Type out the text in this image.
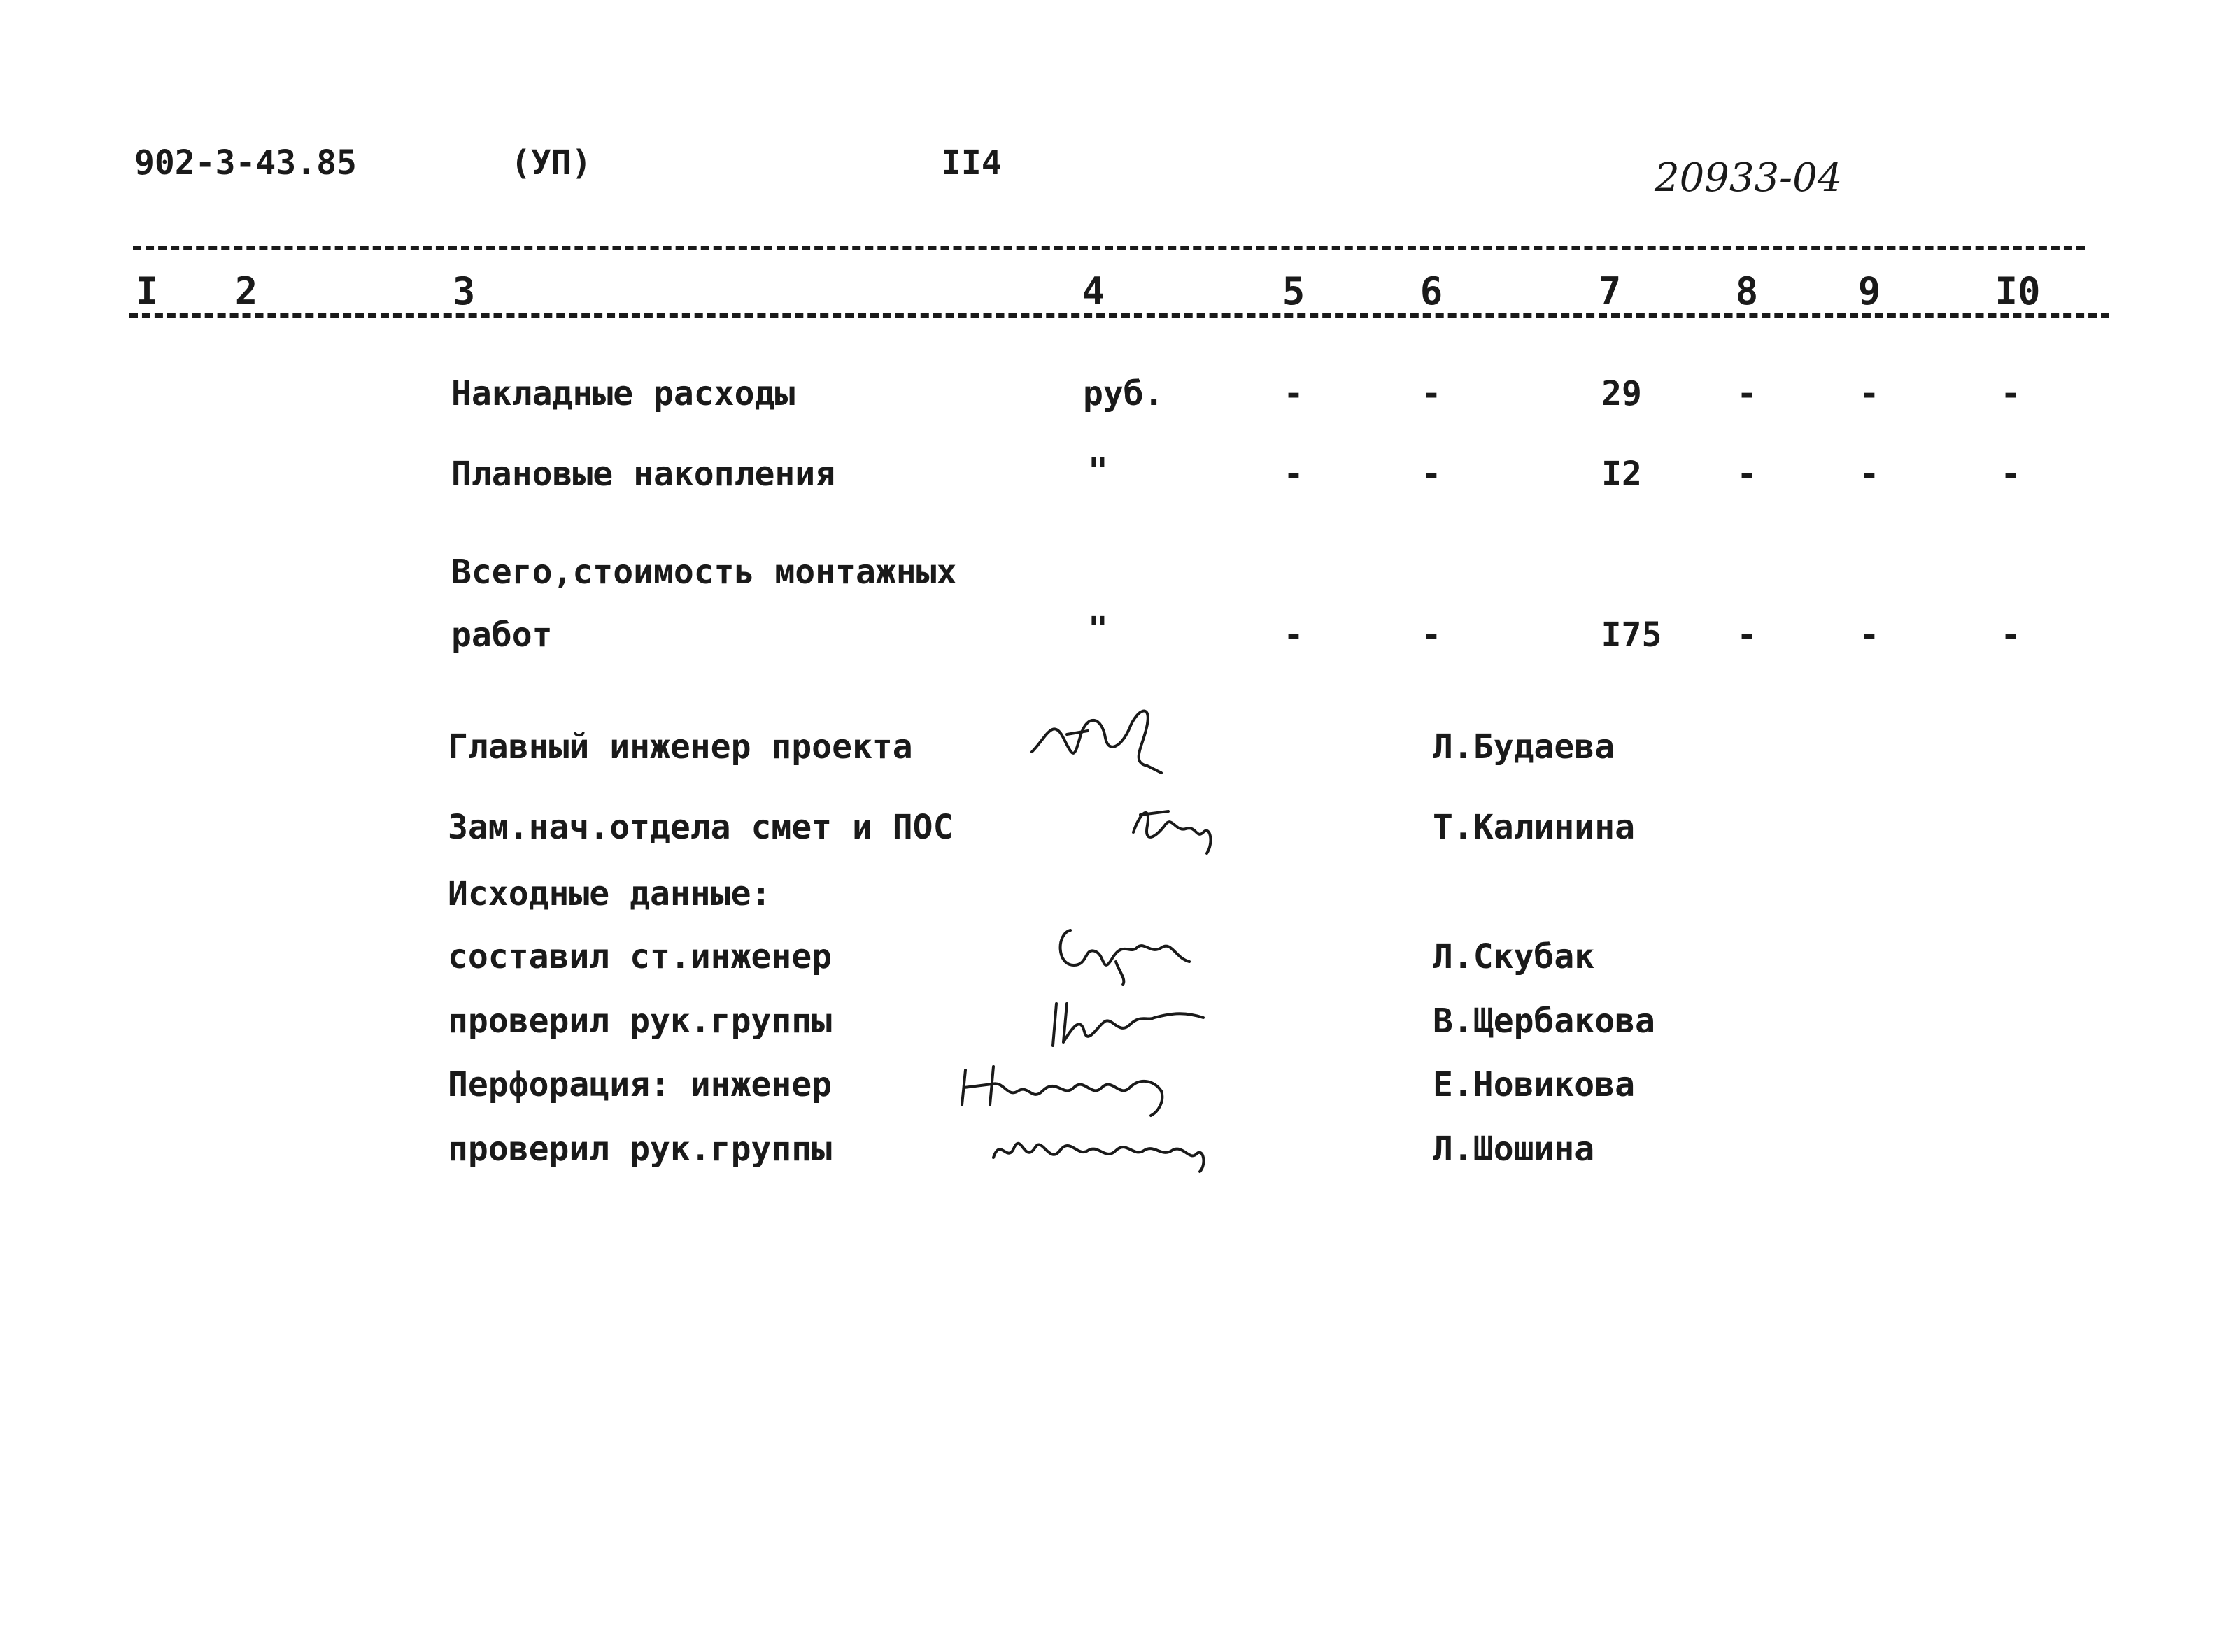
902-3-43.85	(УП)	II4	20933-04
I 2	3	4	5	6	7	8	9	I0
Накладные расходы	руб.	-	-	29	-	-	-
Плановые накопления	"	-	-	I2	-	-	-
Всего,стоимость монтажных
работ	"	-	-	I75 -	-	-
Главный инженер проекта	Л.Будаева
Зам.нач.отдела смет и ПОС	Т.Калинина
Исходные данные:
составил ст.инженер	Л.Скубак
проверил рук.группы	В.Щербакова
Перфорация: инженер	Е.Новикова
проверил рук.группы	Л.Шошина
